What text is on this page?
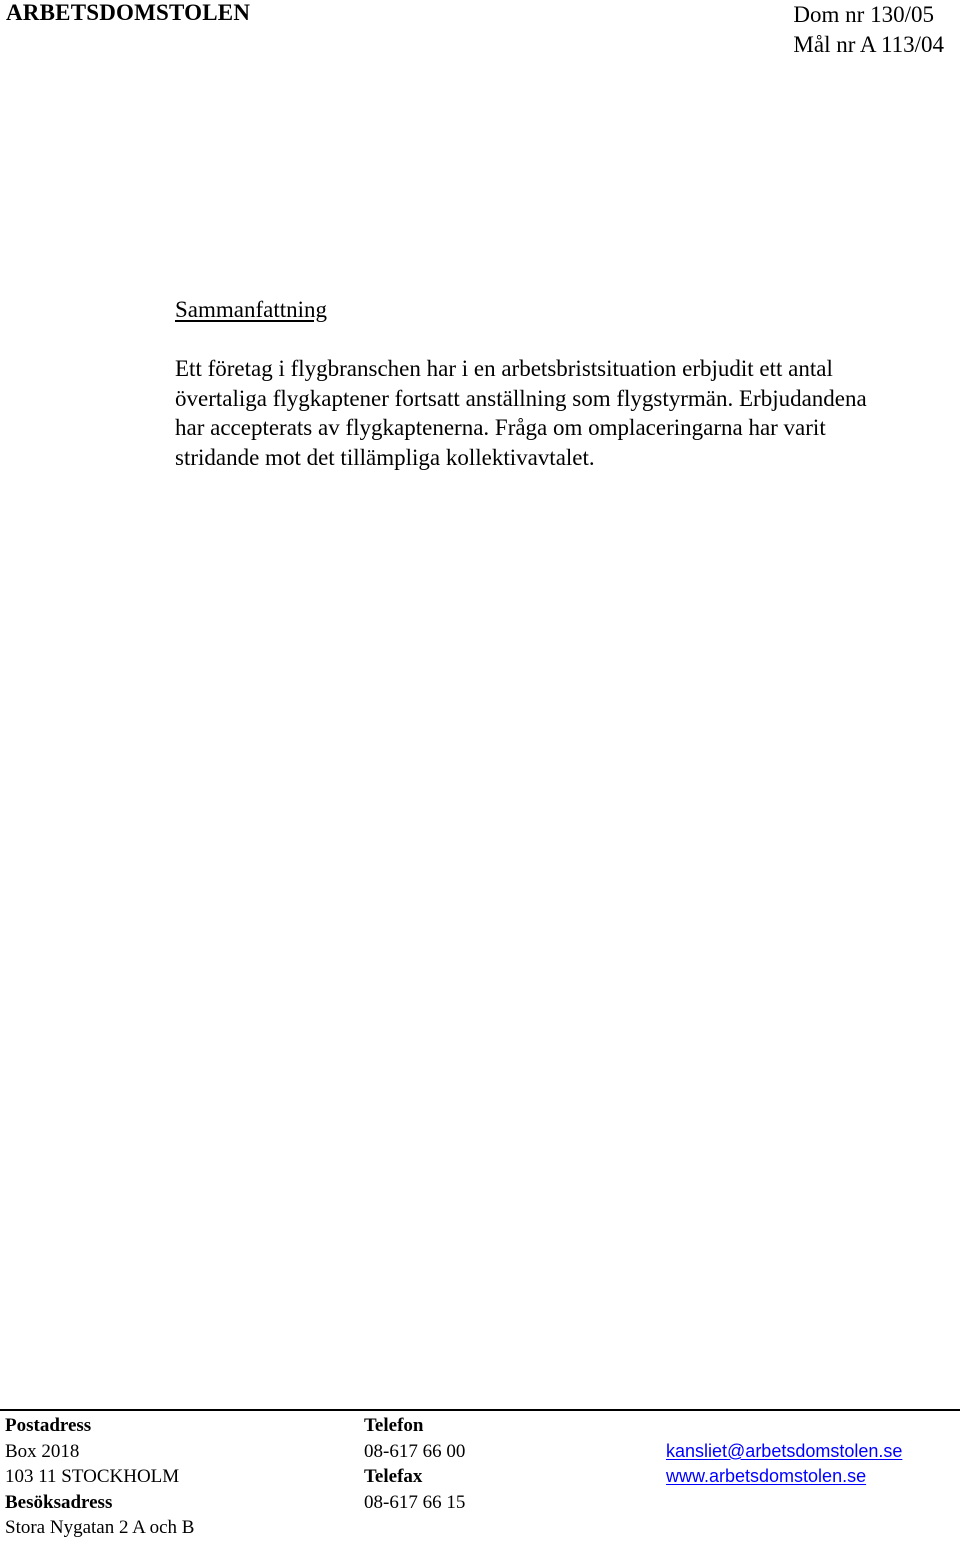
ARBETSDOMSTOLEN	Dom nr 130/05
Mål nr A 113/04
Sammanfattning
Ett företag i flygbranschen har i en arbetsbristsituation erbjudit ett antal
övertaliga flygkaptener fortsatt anställning som flygstyrmän. Erbjudandena
har accepterats av flygkaptenerna. Fråga om omplaceringarna har varit
stridande mot det tillämpliga kollektivavtalet.
Postadress
Box 2018
103 11 STOCKHOLM
Besöksadress
Stora Nygatan 2 A och B
Telefon
08-617 66 00
Telefax
08-617 66 15
kansliet@arbetsdomstolen.se
www.arbetsdomstolen.se
